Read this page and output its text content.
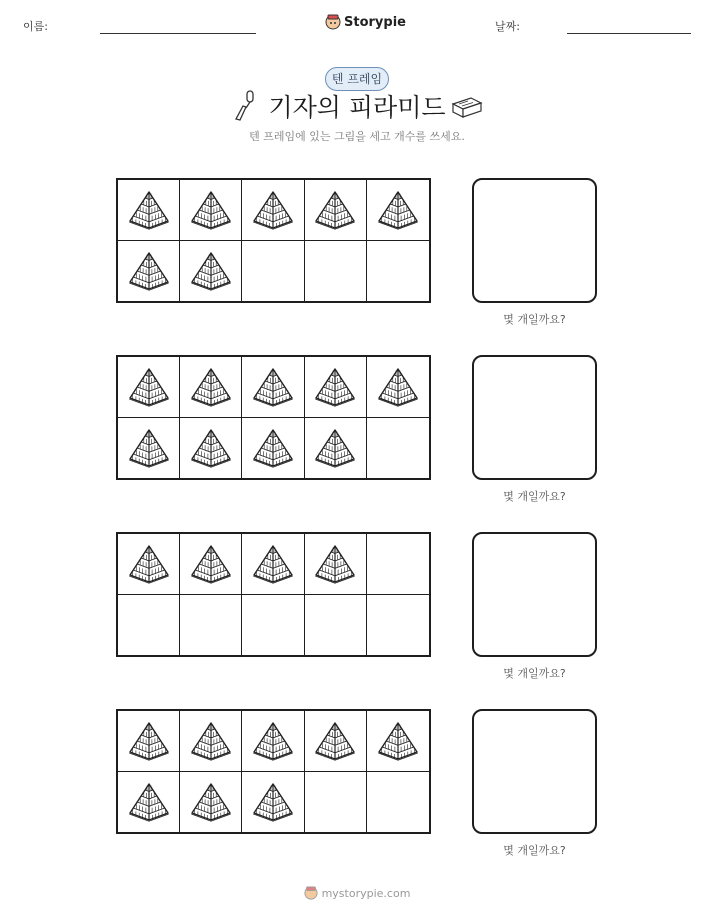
이름:	Storypie	날짜:
텐 프레임
기자의 피라미드
텐 프레임에 있는 그림을 세고 개수를 쓰세요.
몇 개일까요?
몇 개일까요?
몇 개일까요?
몇 개일까요?
mystorypie.com
